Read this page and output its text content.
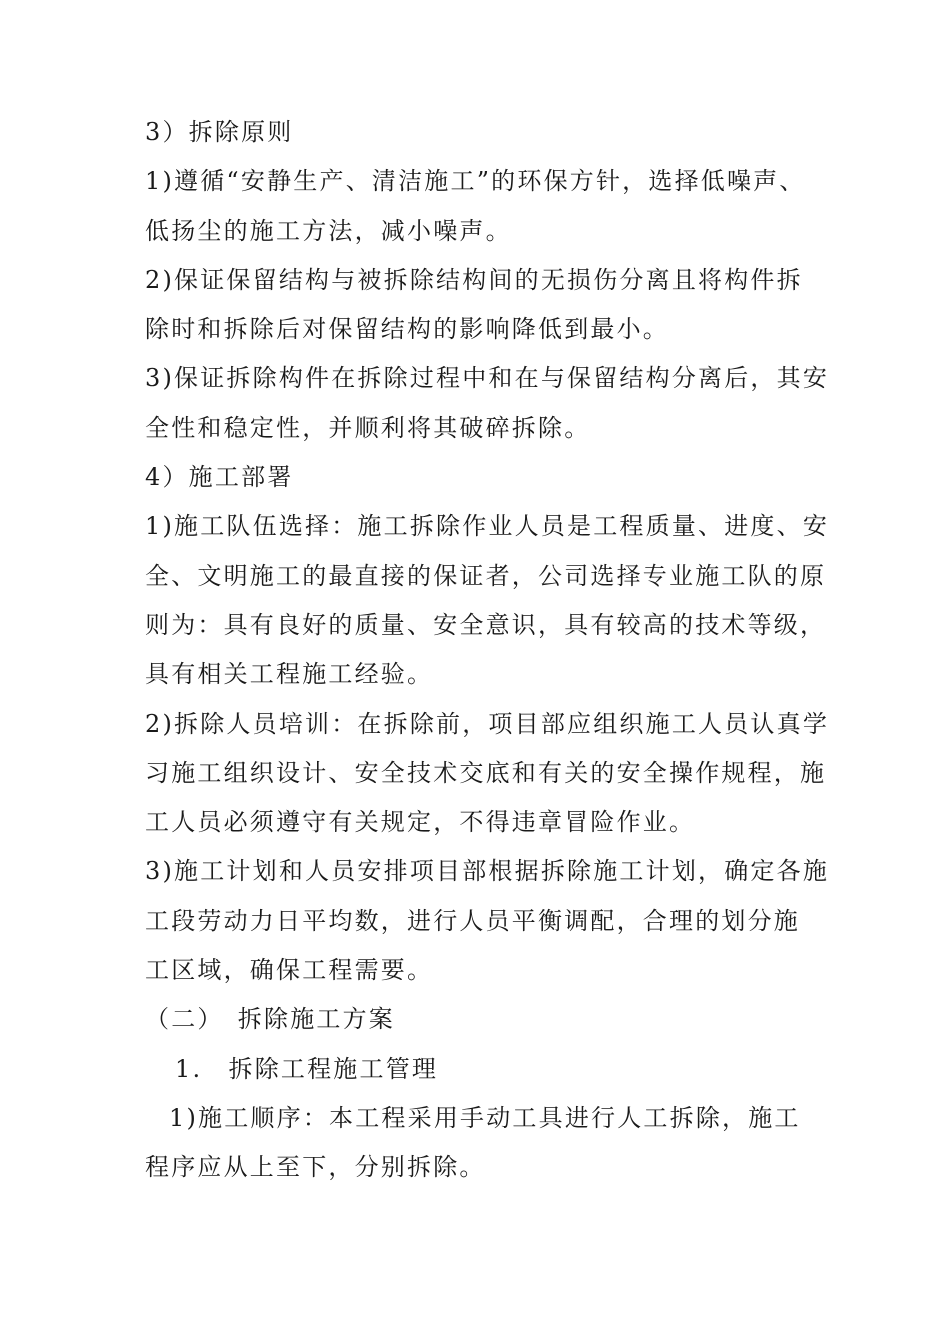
3）拆除原则
1)遵循“安静生产、清洁施工”的环保方针，选择低噪声、
低扬尘的施工方法，减小噪声。
2)保证保留结构与被拆除结构间的无损伤分离且将构件拆
除时和拆除后对保留结构的影响降低到最小。
3)保证拆除构件在拆除过程中和在与保留结构分离后，其安
全性和稳定性，并顺利将其破碎拆除。
4）施工部署
1)施工队伍选择：施工拆除作业人员是工程质量、进度、安
全、文明施工的最直接的保证者，公司选择专业施工队的原
则为：具有良好的质量、安全意识，具有较高的技术等级，
具有相关工程施工经验。
2)拆除人员培训：在拆除前，项目部应组织施工人员认真学
习施工组织设计、安全技术交底和有关的安全操作规程，施
工人员必须遵守有关规定，不得违章冒险作业。
3)施工计划和人员安排项目部根据拆除施工计划，确定各施
工段劳动力日平均数，进行人员平衡调配，合理的划分施
工区域，确保工程需要。
（二）　拆除施工方案
1.　拆除工程施工管理
1)施工顺序：本工程采用手动工具进行人工拆除，施工
程序应从上至下，分别拆除。
